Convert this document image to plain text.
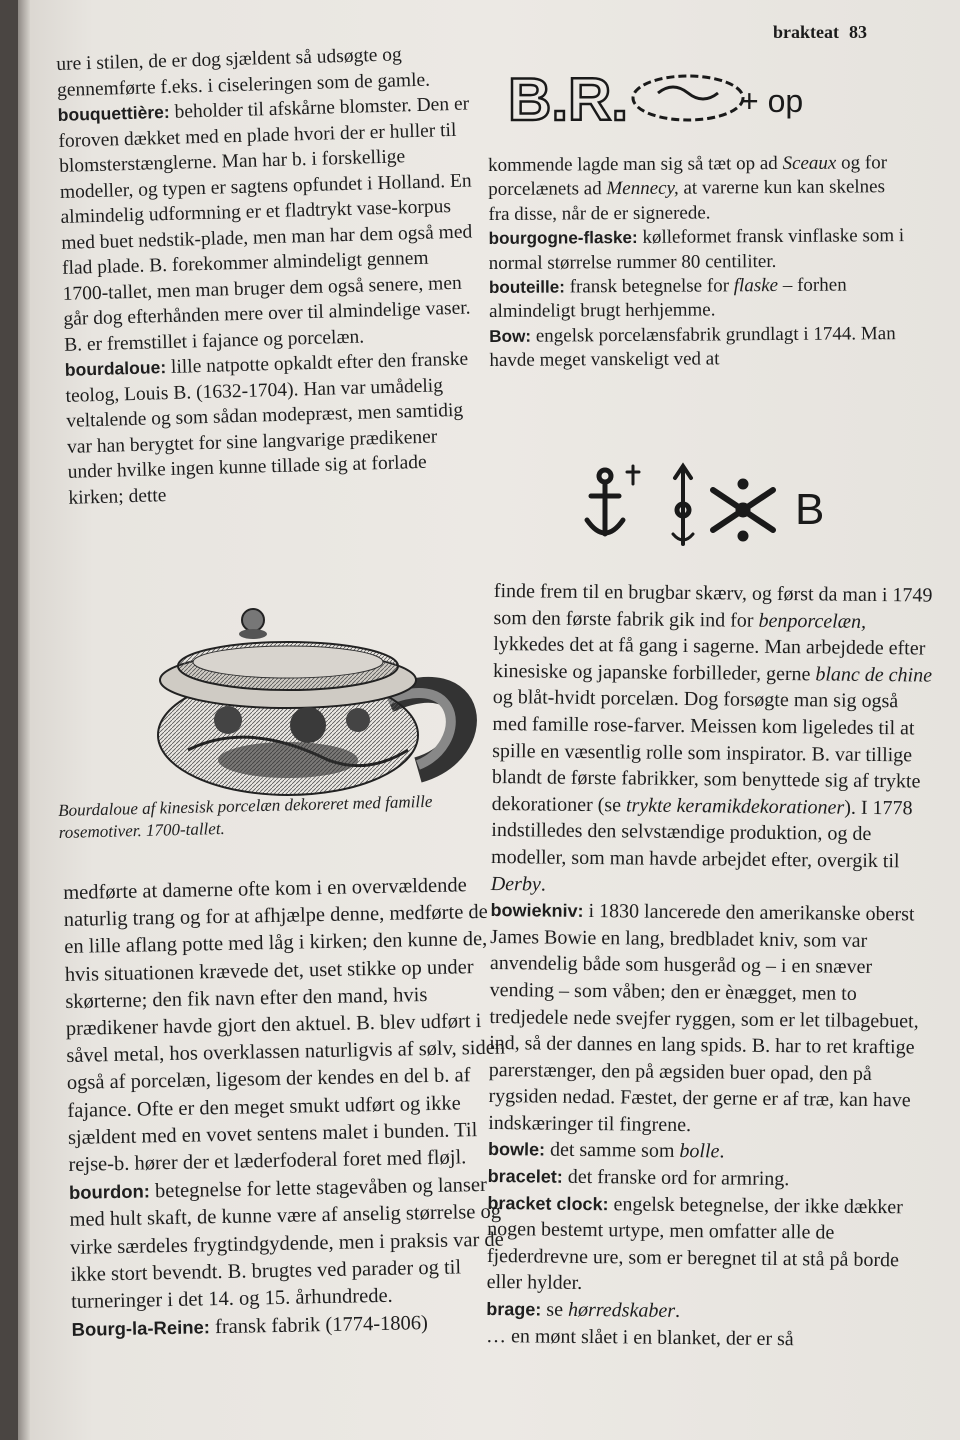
brakteat 83

ure i stilen, de er dog sjældent så udsøgte og gennemførte f.eks. i ciseleringen som de gamle.

bouquettière: beholder til afskårne blomster. Den er foroven dækket med en plade hvori der er huller til blomsterstænglerne. Man har b. i forskellige modeller, og typen er sagtens opfundet i Holland. En almindelig udformning er et fladtrykt vase-korpus med buet nedstik-plade, men man har dem også med flad plade. B. forekommer almindeligt gennem 1700-tallet, men man bruger dem også senere, men går dog efterhånden mere over til almindelige vaser. B. er fremstillet i fajance og porcelæn.

bourdaloue: lille natpotte opkaldt efter den franske teolog, Louis B. (1632-1704). Han var umådelig veltalende og som sådan modepræst, men samtidig var han berygtet for sine langvarige prædikener under hvilke ingen kunne tillade sig at forlade kirken; dette

Bourdaloue af kinesisk porcelæn dekoreret med famille rosemotiver. 1700-tallet.

medførte at damerne ofte kom i en overvældende naturlig trang og for at afhjælpe denne, medførte de en lille aflang potte med låg i kirken; den kunne de, hvis situationen krævede det, uset stikke op under skørterne; den fik navn efter den mand, hvis prædikener havde gjort den aktuel. B. blev udført i såvel metal, hos overklassen naturligvis af sølv, siden også af porcelæn, ligesom der kendes en del b. af fajance. Ofte er den meget smukt udført og ikke sjældent med en vovet sentens malet i bunden. Til rejse-b. hører der et læderfoderal foret med fløjl.

bourdon: betegnelse for lette stagevåben og lanser med hult skaft, de kunne være af anselig størrelse og virke særdeles frygtindgydende, men i praksis var de ikke stort bevendt. B. brugtes ved parader og til turneringer i det 14. og 15. århundrede.

Bourg-la-Reine: fransk fabrik (1774-1806)

B.R.	+ op

kommende lagde man sig så tæt op ad Sceaux og for porcelænets ad Mennecy, at varerne kun kan skelnes fra disse, når de er signerede.

bourgogne-flaske: kølleformet fransk vinflaske som i normal størrelse rummer 80 centiliter.

bouteille: fransk betegnelse for flaske – forhen almindeligt brugt herhjemme.

Bow: engelsk porcelænsfabrik grundlagt i 1744. Man havde meget vanskeligt ved at

B

finde frem til en brugbar skærv, og først da man i 1749 som den første fabrik gik ind for benporcelæn, lykkedes det at få gang i sagerne. Man arbejdede efter kinesiske og japanske forbilleder, gerne blanc de chine og blåt-hvidt porcelæn. Dog forsøgte man sig også med famille rose-farver. Meissen kom ligeledes til at spille en væsentlig rolle som inspirator. B. var tillige blandt de første fabrikker, som benyttede sig af trykte dekorationer (se trykte keramikdekorationer). I 1778 indstilledes den selvstændige produktion, og de modeller, som man havde arbejdet efter, overgik til Derby.

bowiekniv: i 1830 lancerede den amerikanske oberst James Bowie en lang, bredbladet kniv, som var anvendelig både som husgeråd og – i en snæver vending – som våben; den er ènægget, men to tredjedele nede svejfer ryggen, som er let tilbagebuet, ind, så der dannes en lang spids. B. har to ret kraftige parerstænger, den på ægsiden buer opad, den på rygsiden nedad. Fæstet, der gerne er af træ, kan have indskæringer til fingrene.

bowle: det samme som bolle.

bracelet: det franske ord for armring.

bracket clock: engelsk betegnelse, der ikke dækker nogen bestemt urtype, men omfatter alle de fjederdrevne ure, som er beregnet til at stå på borde eller hylder.

brage: se hørredskaber.

… en mønt slået i en blanket, der er så
